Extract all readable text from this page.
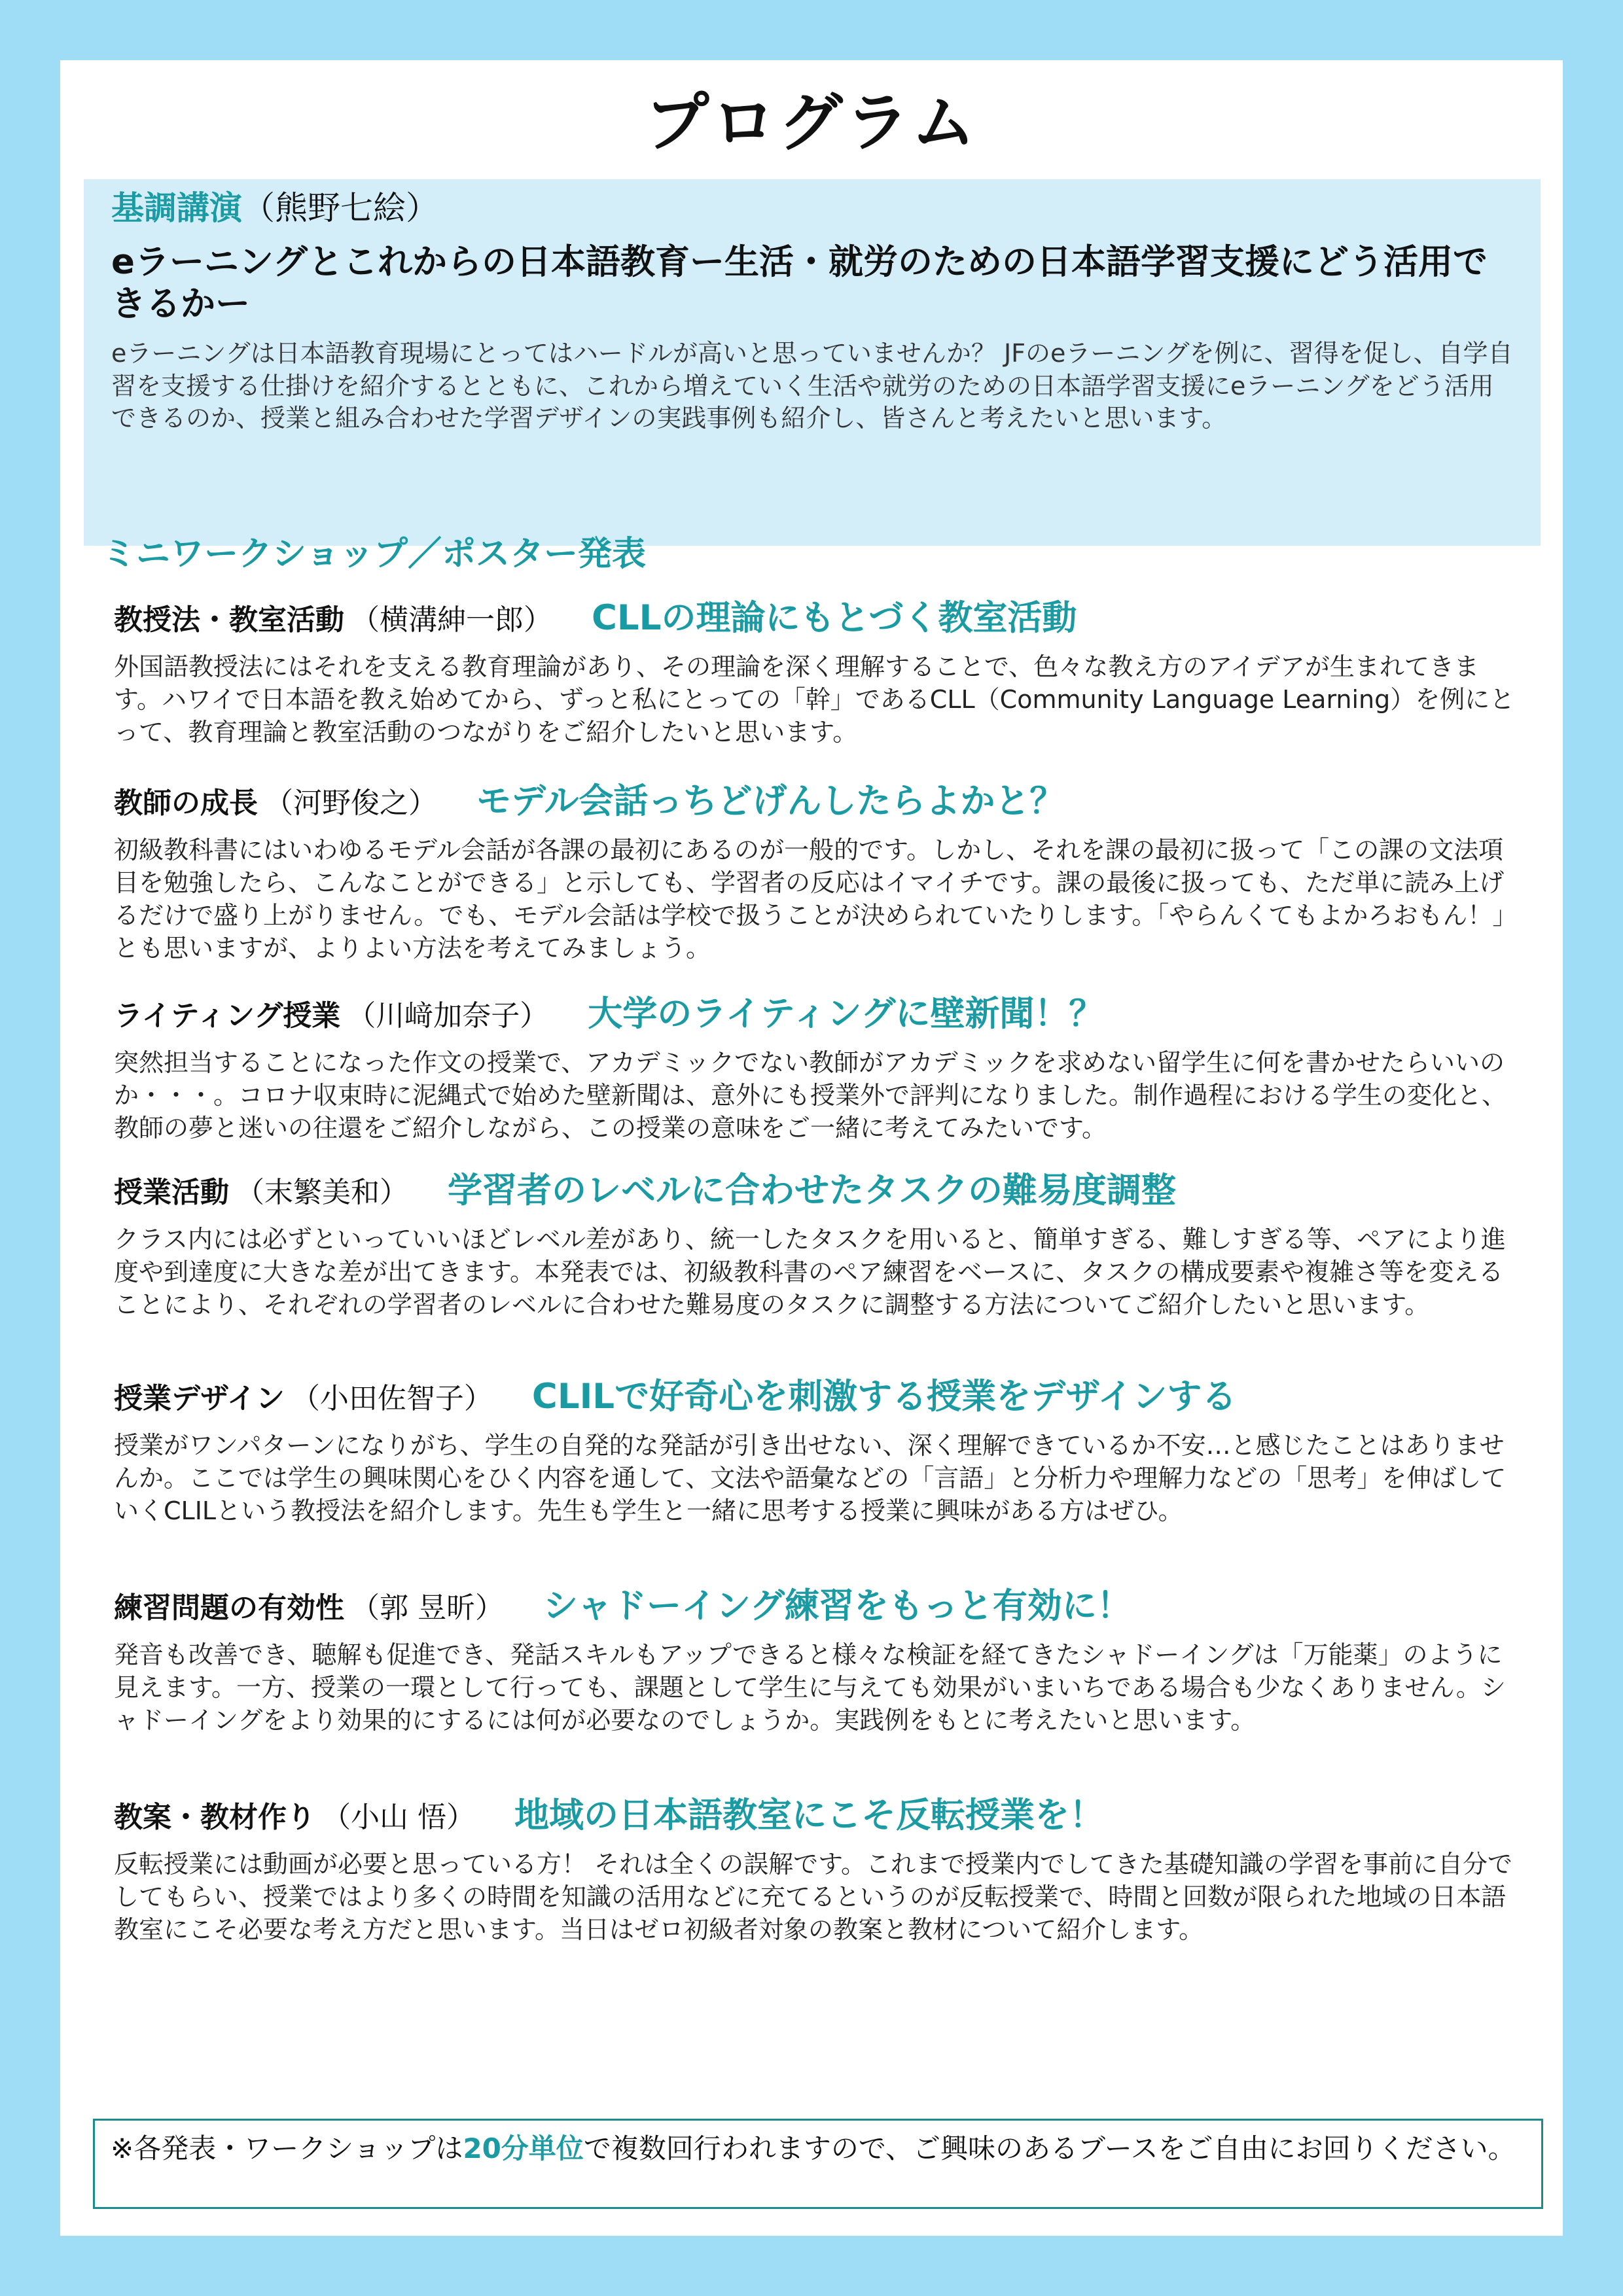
プログラム
基調講演（熊野七絵）
eラーニングとこれからの日本語教育ー生活・就労のための日本語学習支援にどう活用できるかー
eラーニングは日本語教育現場にとってはハードルが高いと思っていませんか？ JFのeラーニングを例に、習得を促し、自学自習を支援する仕掛けを紹介するとともに、これから増えていく生活や就労のための日本語学習支援にeラーニングをどう活用できるのか、授業と組み合わせた学習デザインの実践事例も紹介し、皆さんと考えたいと思います。
ミニワークショップ／ポスター発表
教授法・教室活動 （横溝紳一郎） CLLの理論にもとづく教室活動
外国語教授法にはそれを支える教育理論があり、その理論を深く理解することで、色々な教え方のアイデアが生まれてきます。ハワイで日本語を教え始めてから、ずっと私にとっての「幹」であるCLL（Community Language Learning）を例にとって、教育理論と教室活動のつながりをご紹介したいと思います。
教師の成長 （河野俊之） モデル会話っちどげんしたらよかと？
初級教科書にはいわゆるモデル会話が各課の最初にあるのが一般的です。しかし、それを課の最初に扱って「この課の文法項目を勉強したら、こんなことができる」と示しても、学習者の反応はイマイチです。課の最後に扱っても、ただ単に読み上げるだけで盛り上がりません。でも、モデル会話は学校で扱うことが決められていたりします。「やらんくてもよかろおもん！」とも思いますが、よりよい方法を考えてみましょう。
ライティング授業 （川﨑加奈子） 大学のライティングに壁新聞！？
突然担当することになった作文の授業で、アカデミックでない教師がアカデミックを求めない留学生に何を書かせたらいいのか・・・。コロナ収束時に泥縄式で始めた壁新聞は、意外にも授業外で評判になりました。制作過程における学生の変化と、教師の夢と迷いの往還をご紹介しながら、この授業の意味をご一緒に考えてみたいです。
授業活動 （末繁美和） 学習者のレベルに合わせたタスクの難易度調整
クラス内には必ずといっていいほどレベル差があり、統一したタスクを用いると、簡単すぎる、難しすぎる等、ペアにより進度や到達度に大きな差が出てきます。本発表では、初級教科書のペア練習をベースに、タスクの構成要素や複雑さ等を変えることにより、それぞれの学習者のレベルに合わせた難易度のタスクに調整する方法についてご紹介したいと思います。
授業デザイン （小田佐智子） CLILで好奇心を刺激する授業をデザインする
授業がワンパターンになりがち、学生の自発的な発話が引き出せない、深く理解できているか不安…と感じたことはありませんか。ここでは学生の興味関心をひく内容を通して、文法や語彙などの「言語」と分析力や理解力などの「思考」を伸ばしていくCLILという教授法を紹介します。先生も学生と一緒に思考する授業に興味がある方はぜひ。
練習問題の有効性 （郭 昱昕） シャドーイング練習をもっと有効に！
発音も改善でき、聴解も促進でき、発話スキルもアップできると様々な検証を経てきたシャドーイングは「万能薬」のように見えます。一方、授業の一環として行っても、課題として学生に与えても効果がいまいちである場合も少なくありません。シャドーイングをより効果的にするには何が必要なのでしょうか。実践例をもとに考えたいと思います。
教案・教材作り （小山 悟） 地域の日本語教室にこそ反転授業を！
反転授業には動画が必要と思っている方！ それは全くの誤解です。これまで授業内でしてきた基礎知識の学習を事前に自分でしてもらい、授業ではより多くの時間を知識の活用などに充てるというのが反転授業で、時間と回数が限られた地域の日本語教室にこそ必要な考え方だと思います。当日はゼロ初級者対象の教案と教材について紹介します。
※各発表・ワークショップは20分単位で複数回行われますので、ご興味のあるブースをご自由にお回りください。
